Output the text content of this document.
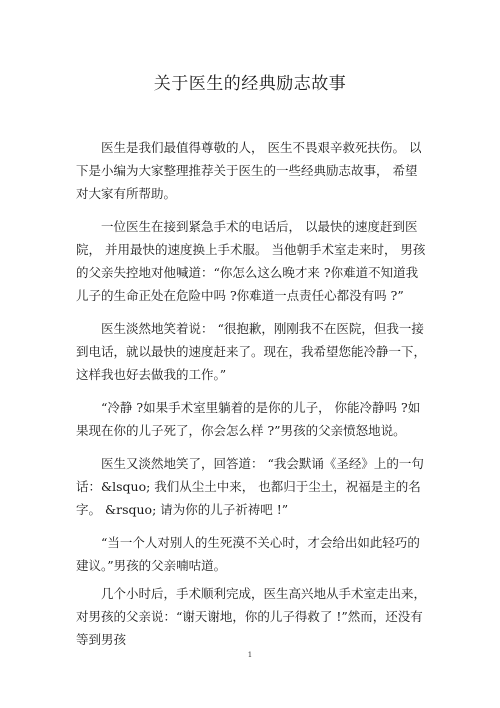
关于医生的经典励志故事

医生是我们最值得尊敬的人， 医生不畏艰辛救死扶伤。 以下是小编为大家整理推荐关于医生的一些经典励志故事， 希望对大家有所帮助。

一位医生在接到紧急手术的电话后， 以最快的速度赶到医院， 并用最快的速度换上手术服。 当他朝手术室走来时， 男孩的父亲失控地对他喊道：“你怎么这么晚才来 ?你难道不知道我儿子的生命正处在危险中吗 ?你难道一点责任心都没有吗 ?”

医生淡然地笑着说： “很抱歉，刚刚我不在医院，但我一接到电话，就以最快的速度赶来了。现在，我希望您能冷静一下，这样我也好去做我的工作。”

“冷静 ?如果手术室里躺着的是你的儿子， 你能冷静吗 ?如果现在你的儿子死了，你会怎么样 ?”男孩的父亲愤怒地说。

医生又淡然地笑了，回答道： “我会默诵《圣经》上的一句话：&lsquo; 我们从尘土中来， 也都归于尘土，祝福是主的名字。 &rsquo; 请为你的儿子祈祷吧 !”

“当一个人对别人的生死漠不关心时，才会给出如此轻巧的建议。”男孩的父亲喃咕道。

几个小时后，手术顺利完成，医生高兴地从手术室走出来，对男孩的父亲说：“谢天谢地，你的儿子得救了 !”然而，还没有等到男孩

1
